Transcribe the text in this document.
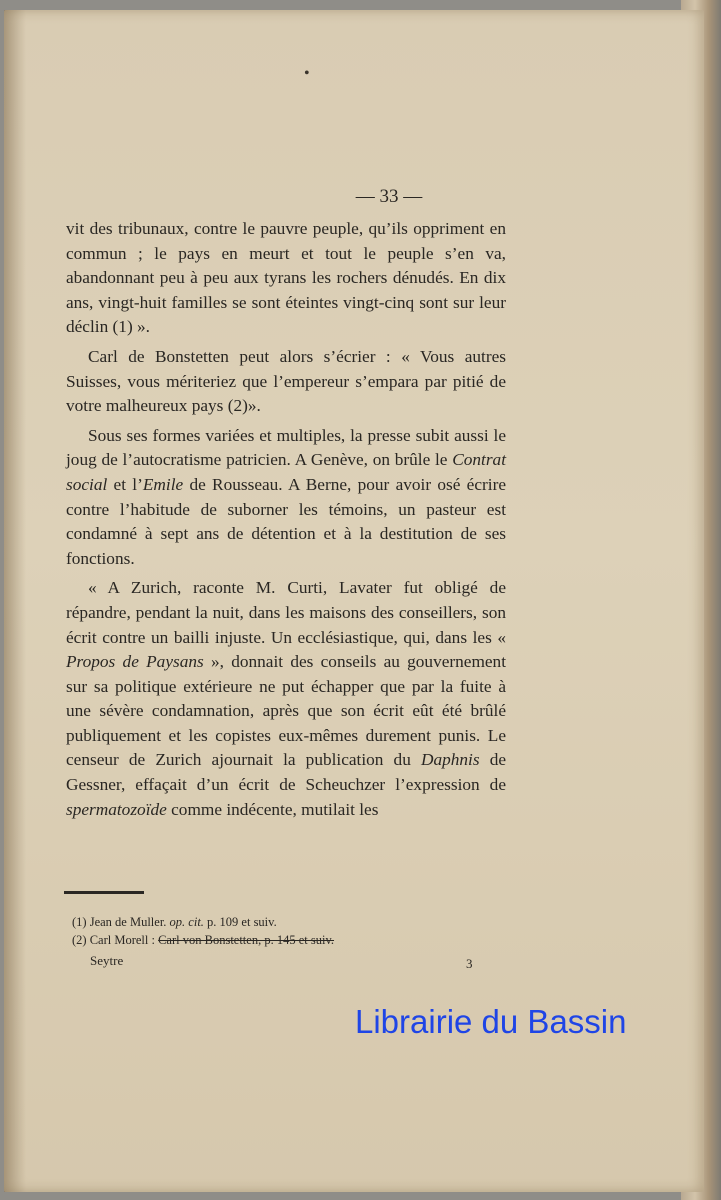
•
— 33 —

vit des tribunaux, contre le pauvre peuple, qu’ils oppriment en commun ; le pays en meurt et tout le peuple s’en va, abandonnant peu à peu aux tyrans les rochers dénudés. En dix ans, vingt-huit familles se sont éteintes vingt-cinq sont sur leur déclin (1) ».

Carl de Bonstetten peut alors s’écrier : « Vous autres Suisses, vous mériteriez que l’empereur s’empara par pitié de votre malheureux pays (2)».

Sous ses formes variées et multiples, la presse subit aussi le joug de l’autocratisme patricien. A Genève, on brûle le Contrat social et l’Emile de Rousseau. A Berne, pour avoir osé écrire contre l’habitude de suborner les témoins, un pasteur est condamné à sept ans de détention et à la destitution de ses fonctions.

« A Zurich, raconte M. Curti, Lavater fut obligé de répandre, pendant la nuit, dans les maisons des conseillers, son écrit contre un bailli injuste. Un ecclésiastique, qui, dans les « Propos de Paysans », donnait des conseils au gouvernement sur sa politique extérieure ne put échapper que par la fuite à une sévère condamnation, après que son écrit eût été brûlé publiquement et les copistes eux-mêmes durement punis. Le censeur de Zurich ajournait la publication du Daphnis de Gessner, effaçait d’un écrit de Scheuchzer l’expression de spermatozoïde comme indécente, mutilait les

(1) Jean de Muller. op. cit. p. 109 et suiv.
(2) Carl Morell : Carl von Bonstetten, p. 145 et suiv.
Seytre	3
Librairie du Bassin
